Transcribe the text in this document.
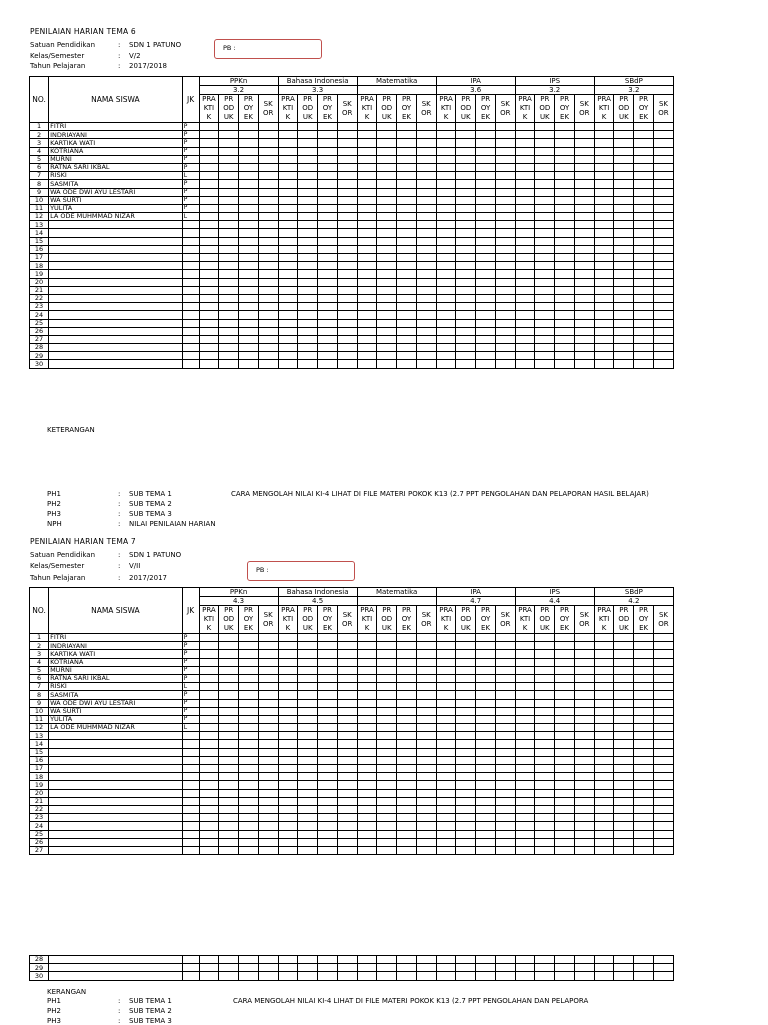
PENILAIAN HARIAN TEMA 6
Satuan Pendidikan	: SDN 1 PATUNO
Kelas/Semester	: V/2
Tahun Pelajaran	: 2017/2018
PB :
NO.	NAMA SISWA	JK	PPKn				Bahasa Indonesia				Matematika				IPA				IPS				SBdP			
			3.2				3.3								3.6				3.2				3.2			
			PRA KTI K	PR OD UK	PR OY EK	SK OR	PRA KTI K	PR OD UK	PR OY EK	SK OR	PRA KTI K	PR OD UK	PR OY EK	SK OR	PRA KTI K	PR OD UK	PR OY EK	SK OR	PRA KTI K	PR OD UK	PR OY EK	SK OR	PRA KTI K	PR OD UK	PR OY EK	SK OR
1	FITRI	P																								
2	INDRIAYANI	P																								
3	KARTIKA WATI	P																								
4	KOTRIANA	P																								
5	MURNI	P																								
6	RATNA SARI IKBAL	P																								
7	RISKI	L																								
8	SASMITA	P																								
9	WA ODE DWI AYU LESTARI	P																								
10	WA SURTI	P																								
11	YULITA	P																								
12	LA ODE MUHMMAD NIZAR	L																								
13																										
14																										
15																										
16																										
17																										
18																										
19																										
20																										
21																										
22																										
23																										
24																										
25																										
26																										
27																										
28																										
29																										
30																										
KETERANGAN
PH1	: SUB TEMA 1
PH2	: SUB TEMA 2
PH3	: SUB TEMA 3
NPH	: NILAI PENILAIAN HARIAN
CARA MENGOLAH NILAI KI-4 LIHAT DI FILE MATERI POKOK K13 (2.7 PPT PENGOLAHAN DAN PELAPORAN HASIL BELAJAR)
PENILAIAN HARIAN TEMA 7
Satuan Pendidikan	: SDN 1 PATUNO
Kelas/Semester	: V/II
Tahun Pelajaran	: 2017/2017
PB :
NO.	NAMA SISWA	JK	PPKn				Bahasa Indonesia				Matematika				IPA				IPS				SBdP			
			4.3				4.5								4.7				4.4				4.2			
			PRA KTI K	PR OD UK	PR OY EK	SK OR	PRA KTI K	PR OD UK	PR OY EK	SK OR	PRA KTI K	PR OD UK	PR OY EK	SK OR	PRA KTI K	PR OD UK	PR OY EK	SK OR	PRA KTI K	PR OD UK	PR OY EK	SK OR	PRA KTI K	PR OD UK	PR OY EK	SK OR
1	FITRI	P																								
2	INDRIAYANI	P																								
3	KARTIKA WATI	P																								
4	KOTRIANA	P																								
5	MURNI	P																								
6	RATNA SARI IKBAL	P																								
7	RISKI	L																								
8	SASMITA	P																								
9	WA ODE DWI AYU LESTARI	P																								
10	WA SURTI	P																								
11	YULITA	P																								
12	LA ODE MUHMMAD NIZAR	L																								
13																										
14																										
15																										
16																										
17																										
18																										
19																										
20																										
21																										
22																										
23																										
24																										
25																										
26																										
27																										
28																										
29																										
30																										
KERANGAN
PH1	: SUB TEMA 1
PH2	: SUB TEMA 2
PH3	: SUB TEMA 3
CARA MENGOLAH NILAI KI-4 LIHAT DI FILE MATERI POKOK K13 (2.7 PPT PENGOLAHAN DAN PELAPORA
